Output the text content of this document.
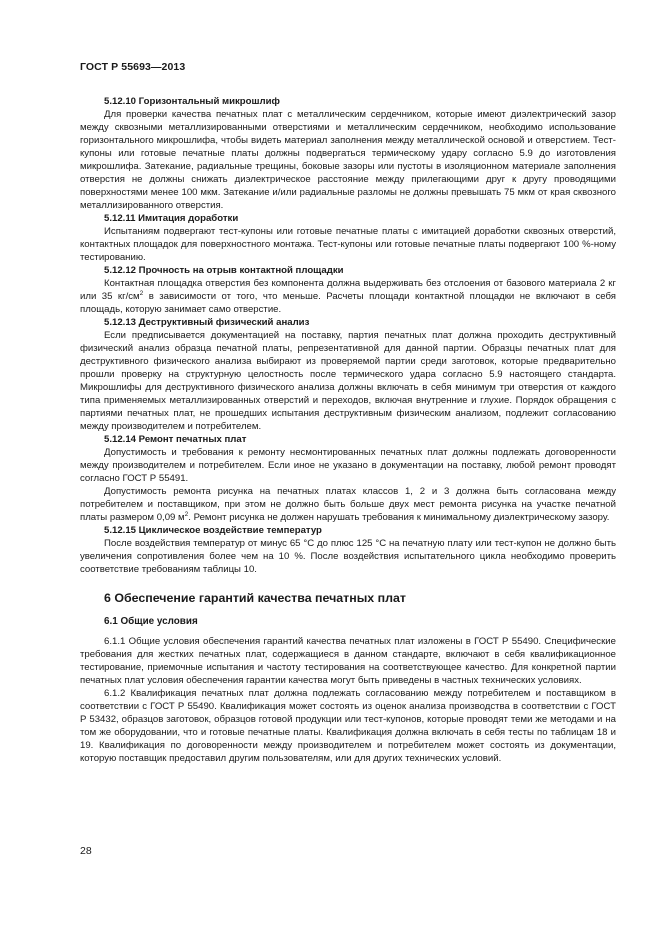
ГОСТ Р 55693—2013
5.12.10 Горизонтальный микрошлиф

Для проверки качества печатных плат с металлическим сердечником, которые имеют диэлектрический зазор между сквозными металлизированными отверстиями и металлическим сердечником, необходимо использование горизонтального микрошлифа, чтобы видеть материал заполнения между металлической основой и отверстием. Тест-купоны или готовые печатные платы должны подвергаться термическому удару согласно 5.9 до изготовления микрошлифа. Затекание, радиальные трещины, боковые зазоры или пустоты в изоляционном материале заполнения отверстия не должны снижать диэлектрическое расстояние между прилегающими друг к другу проводящими поверхностями менее 100 мкм. Затекание и/или радиальные разломы не должны превышать 75 мкм от края сквозного металлизированного отверстия.

5.12.11 Имитация доработки

Испытаниям подвергают тест-купоны или готовые печатные платы с имитацией доработки сквозных отверстий, контактных площадок для поверхностного монтажа. Тест-купоны или готовые печатные платы подвергают 100 %-ному тестированию.

5.12.12 Прочность на отрыв контактной площадки

Контактная площадка отверстия без компонента должна выдерживать без отслоения от базового материала 2 кг или 35 $кг/см^2$ в зависимости от того, что меньше. Расчеты площади контактной площадки не включают в себя площадь, которую занимает само отверстие.

5.12.13 Деструктивный физический анализ

Если предписывается документацией на поставку, партия печатных плат должна проходить деструктивный физический анализ образца печатной платы, репрезентативной для данной партии. Образцы печатных плат для деструктивного физического анализа выбирают из проверяемой партии среди заготовок, которые предварительно прошли проверку на структурную целостность после термического удара согласно 5.9 настоящего стандарта. Микрошлифы для деструктивного физического анализа должны включать в себя минимум три отверстия от каждого типа применяемых металлизированных отверстий и переходов, включая внутренние и глухие. Порядок обращения с партиями печатных плат, не прошедших испытания деструктивным физическим анализом, подлежит согласованию между производителем и потребителем.

5.12.14 Ремонт печатных плат

Допустимость и требования к ремонту несмонтированных печатных плат должны подлежать договоренности между производителем и потребителем. Если иное не указано в документации на поставку, любой ремонт проводят согласно ГОСТ Р 55491.

Допустимость ремонта рисунка на печатных платах классов 1, 2 и 3 должна быть согласована между потребителем и поставщиком, при этом не должно быть больше двух мест ремонта рисунка на участке печатной платы размером 0,09 $м^2$. Ремонт рисунка не должен нарушать требования к минимальному диэлектрическому зазору.

5.12.15 Циклическое воздействие температур

После воздействия температур от минус 65 °С до плюс 125 °С на печатную плату или тест-купон не должно быть увеличения сопротивления более чем на 10 %. После воздействия испытательного цикла необходимо проверить соответствие требованиям таблицы 10.

6 Обеспечение гарантий качества печатных плат
6.1 Общие условия

6.1.1 Общие условия обеспечения гарантий качества печатных плат изложены в ГОСТ Р 55490. Специфические требования для жестких печатных плат, содержащиеся в данном стандарте, включают в себя квалификационное тестирование, приемочные испытания и частоту тестирования на соответствующее качество. Для конкретной партии печатных плат условия обеспечения гарантии качества могут быть приведены в частных технических условиях.

6.1.2 Квалификация печатных плат должна подлежать согласованию между потребителем и поставщиком в соответствии с ГОСТ Р 55490. Квалификация может состоять из оценок анализа производства в соответствии с ГОСТ Р 53432, образцов заготовок, образцов готовой продукции или тест-купонов, которые проводят теми же методами и на том же оборудовании, что и готовые печатные платы. Квалификация должна включать в себя тесты по таблицам 18 и 19. Квалификация по договоренности между производителем и потребителем может состоять из документации, которую поставщик предоставил другим пользователям, или для других технических условий.

28
